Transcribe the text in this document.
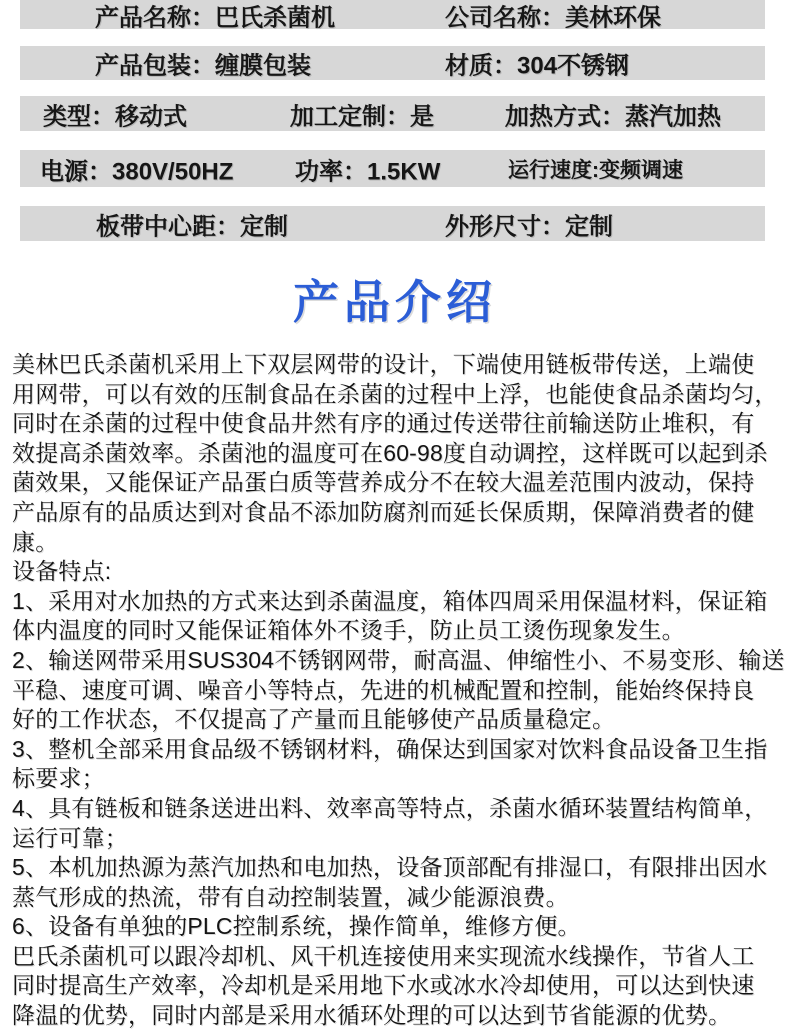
产品名称：巴氏杀菌机	公司名称：美林环保
产品包装：缠膜包装	材质：304不锈钢
类型：移动式	加工定制：是	加热方式：蒸汽加热
电源：380V/50HZ	功率：1.5KW	运行速度:变频调速
板带中心距：定制	外形尺寸：定制
产品介绍
美林巴氏杀菌机采用上下双层网带的设计，下端使用链板带传送，上端使
用网带，可以有效的压制食品在杀菌的过程中上浮，也能使食品杀菌均匀，
同时在杀菌的过程中使食品井然有序的通过传送带往前输送防止堆积，有
效提高杀菌效率。杀菌池的温度可在60-98度自动调控，这样既可以起到杀
菌效果，又能保证产品蛋白质等营养成分不在较大温差范围内波动，保持
产品原有的品质达到对食品不添加防腐剂而延长保质期，保障消费者的健
康。
设备特点:
1、采用对水加热的方式来达到杀菌温度，箱体四周采用保温材料，保证箱
体内温度的同时又能保证箱体外不烫手，防止员工烫伤现象发生。
2、输送网带采用SUS304不锈钢网带，耐高温、伸缩性小、不易变形、输送
平稳、速度可调、噪音小等特点，先进的机械配置和控制，能始终保持良
好的工作状态，不仅提高了产量而且能够使产品质量稳定。
3、整机全部采用食品级不锈钢材料，确保达到国家对饮料食品设备卫生指
标要求；
4、具有链板和链条送进出料、效率高等特点，杀菌水循环装置结构简单，
运行可靠；
5、本机加热源为蒸汽加热和电加热，设备顶部配有排湿口，有限排出因水
蒸气形成的热流，带有自动控制装置，减少能源浪费。
6、设备有单独的PLC控制系统，操作简单，维修方便。
巴氏杀菌机可以跟冷却机、风干机连接使用来实现流水线操作，节省人工
同时提高生产效率，冷却机是采用地下水或冰水冷却使用，可以达到快速
降温的优势，同时内部是采用水循环处理的可以达到节省能源的优势。
